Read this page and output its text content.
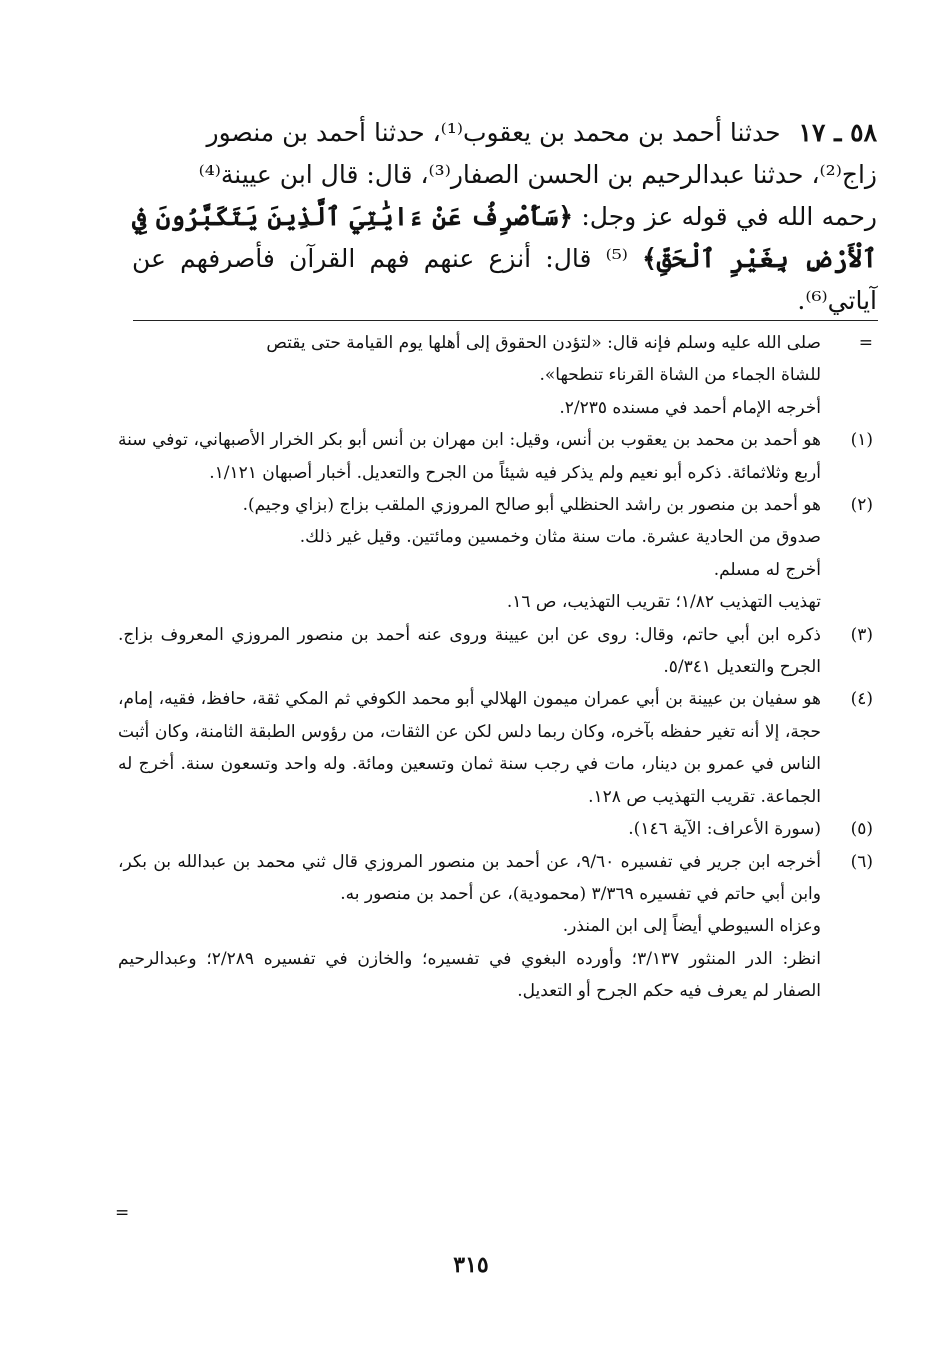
٥٨ ـ ١٧ حدثنا أحمد بن محمد بن يعقوب⁽¹⁾، حدثنا أحمد بن منصور

زاج⁽²⁾، حدثنا عبدالرحيم بن الحسن الصفار⁽³⁾، قال: قال ابن عيينة⁽⁴⁾

رحمه الله في قوله عز وجل: ﴿سَأَصْرِفُ عَنْ ءَايَٰتِيَ ٱلَّذِينَ يَتَكَبَّرُونَ فِي ٱلْأَرْضِ بِغَيْرِ ٱلْحَقِّ﴾ ⁽⁵⁾ قال: أنزع عنهم فهم القرآن فأصرفهم عن آياتي⁽⁶⁾.

=

صلى الله عليه وسلم فإنه قال: «لتؤدن الحقوق إلى أهلها يوم القيامة حتى يقتص

للشاة الجماء من الشاة القرناء تنطحها».

أخرجه الإمام أحمد في مسنده ٢/٢٣٥.

(١)

هو أحمد بن محمد بن يعقوب بن أنس، وقيل: ابن مهران بن أنس أبو بكر الخرار الأصبهاني، توفي سنة أربع وثلاثمائة. ذكره أبو نعيم ولم يذكر فيه شيئاً من الجرح والتعديل. أخبار أصبهان ١/١٢١.

(٢)

هو أحمد بن منصور بن راشد الحنظلي أبو صالح المروزي الملقب بزاج (بزاي وجيم).

صدوق من الحادية عشرة. مات سنة مثان وخمسين ومائتين. وقيل غير ذلك.

أخرج له مسلم.

تهذيب التهذيب ١/٨٢؛ تقريب التهذيب، ص ١٦.

(٣)

ذكره ابن أبي حاتم، وقال: روى عن ابن عيينة وروى عنه أحمد بن منصور المروزي المعروف بزاج. الجرح والتعديل ٥/٣٤١.

(٤)

هو سفيان بن عيينة بن أبي عمران ميمون الهلالي أبو محمد الكوفي ثم المكي ثقة، حافظ، فقيه، إمام، حجة، إلا أنه تغير حفظه بآخره، وكان ربما دلس لكن عن الثقات، من رؤوس الطبقة الثامنة، وكان أثبت الناس في عمرو بن دينار، مات في رجب سنة ثمان وتسعين ومائة. وله واحد وتسعون سنة. أخرج له الجماعة. تقريب التهذيب ص ١٢٨.

(٥)

(سورة الأعراف: الآية ١٤٦).

(٦)

أخرجه ابن جرير في تفسيره ٩/٦٠، عن أحمد بن منصور المروزي قال ثني محمد بن عبدالله بن بكر، وابن أبي حاتم في تفسيره ٣/٣٦٩ (محمودية)، عن أحمد بن منصور به.

وعزاه السيوطي أيضاً إلى ابن المنذر.

انظر: الدر المنثور ٣/١٣٧؛ وأورده البغوي في تفسيره؛ والخازن في تفسيره ٢/٢٨٩؛ وعبدالرحيم الصفار لم يعرف فيه حكم الجرح أو التعديل.

=
٣١٥
